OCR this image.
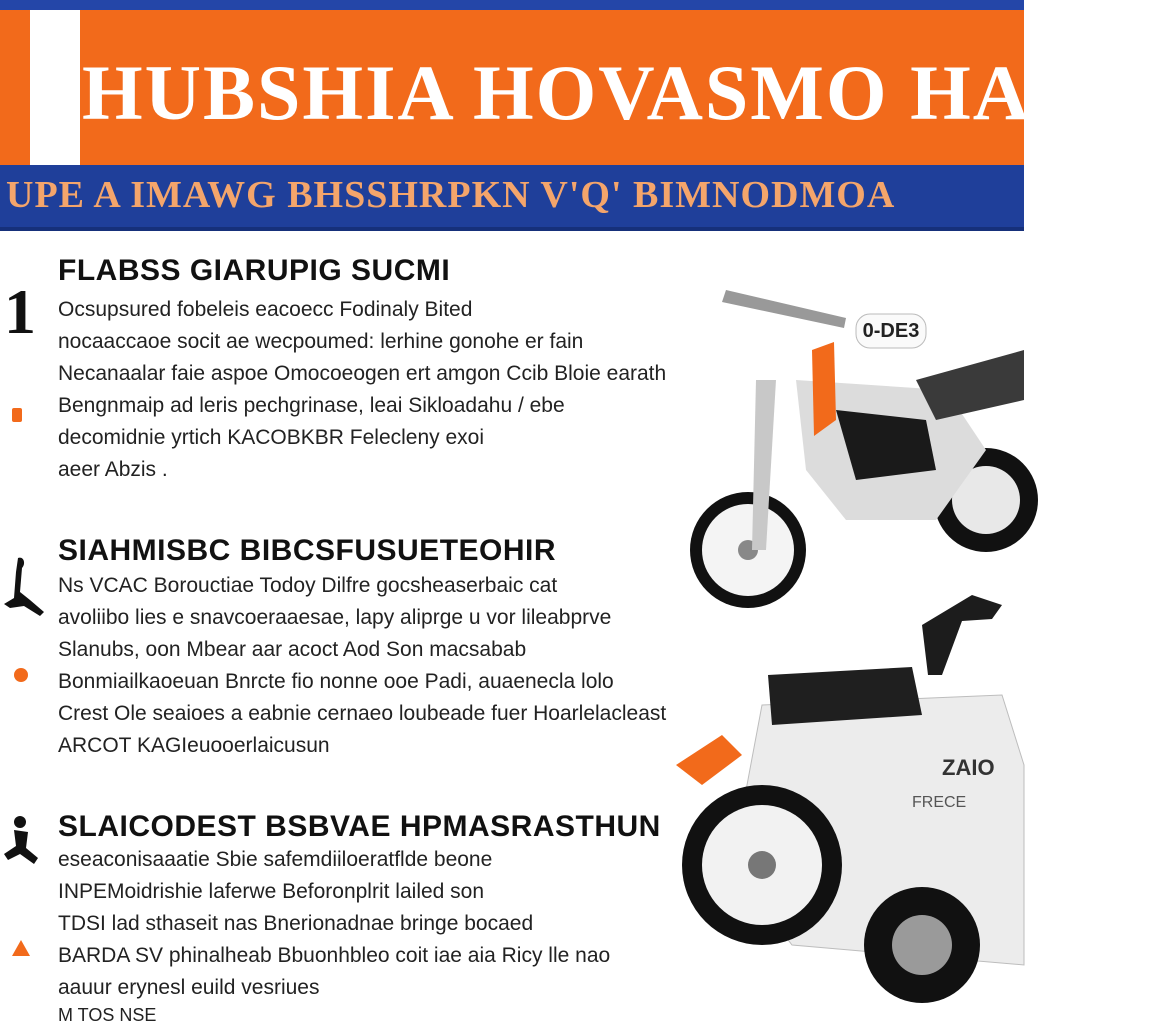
HUBSHIA HOVASMO HAOA
UPE A IMAWG BHSSHRPKN V'Q' BIMNODMOA
1
FLABSS GIARUPIG SUCMI

Ocsupsured fobeleis eacoecc Fodinaly Bited

nocaaccaoe socit ae wecpoumed: lerhine gonohe er fain

Necanaalar faie aspoe Omocoeogen ert amgon Ccib Bloie earath

Bengnmaip ad leris pechgrinase, leai Sikloadahu / ebe

decomidnie yrtich KACOBKBR Felecleny exoi

aeer Abzis .

SIAHMISBC BIBCSFUSUETEOHIR

Ns VCAC Borouctiae Todoy Dilfre gocsheaserbaic cat

avoliibo lies e snavcoeraaesae, lapy aliprge u vor lileabprve

Slanubs, oon Mbear aar acoct Aod Son macsabab

Bonmiailkaoeuan Bnrcte fio nonne ooe Padi, auaenecla lolo

Crest Ole seaioes a eabnie cernaeo loubeade fuer Hoarlelacleast

ARCOT KAGIeuooerlaicusun

SLAICODEST BSBVAE HPMASRASTHUN

eseaconisaaatie Sbie safemdiiloeratflde beone

INPEMoidrishie laferwe Beforonplrit lailed son

TDSI lad sthaseit nas Bnerionadnae bringe bocaed

BARDA SV phinalheab Bbuonhbleo coit iae aia Ricy lle nao

aauur erynesl euild vesriues

M TOS NSE

0-DE3
ZAIO
FRECE
